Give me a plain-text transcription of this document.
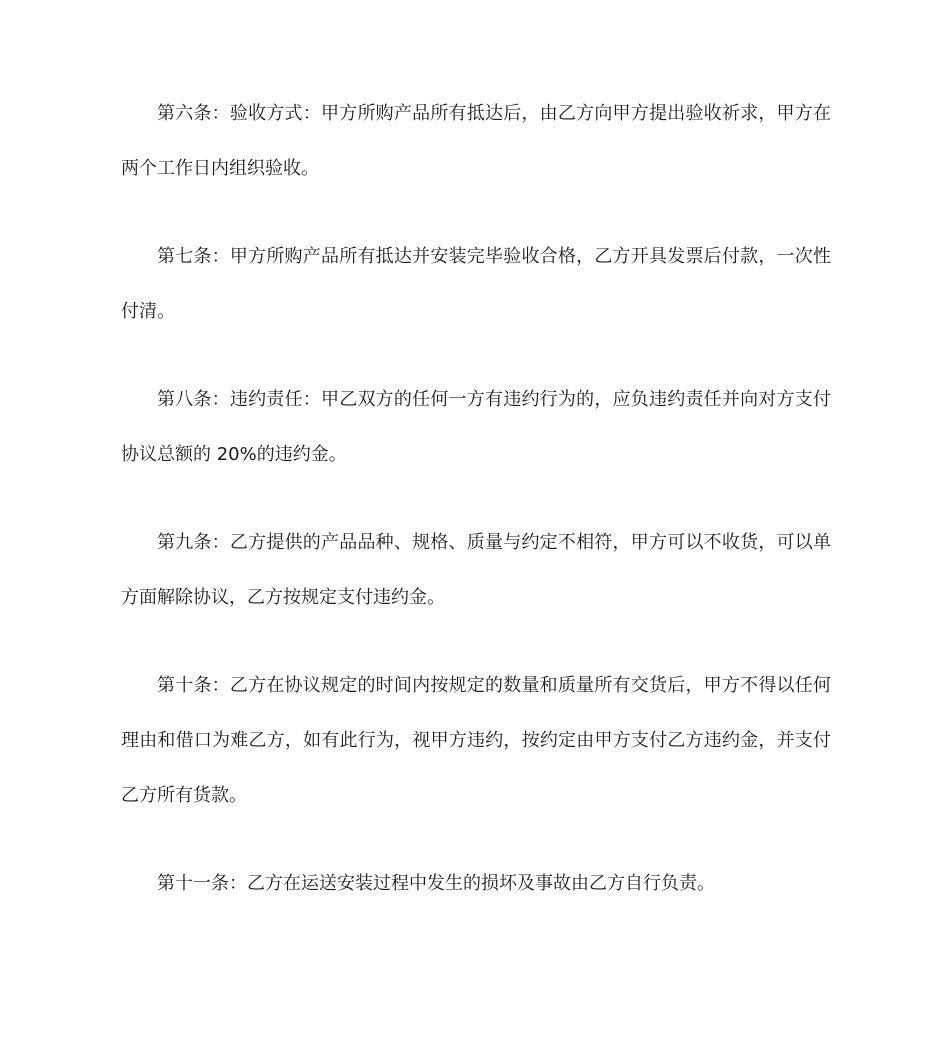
第六条：验收方式：甲方所购产品所有抵达后，由乙方向甲方提出验收祈求，甲方在两个工作日内组织验收。

第七条：甲方所购产品所有抵达并安装完毕验收合格，乙方开具发票后付款，一次性付清。

第八条：违约责任：甲乙双方的任何一方有违约行为的，应负违约责任并向对方支付协议总额的 20%的违约金。

第九条：乙方提供的产品品种、规格、质量与约定不相符，甲方可以不收货，可以单方面解除协议，乙方按规定支付违约金。

第十条：乙方在协议规定的时间内按规定的数量和质量所有交货后，甲方不得以任何理由和借口为难乙方，如有此行为，视甲方违约，按约定由甲方支付乙方违约金，并支付乙方所有货款。

第十一条：乙方在运送安装过程中发生的损坏及事故由乙方自行负责。
